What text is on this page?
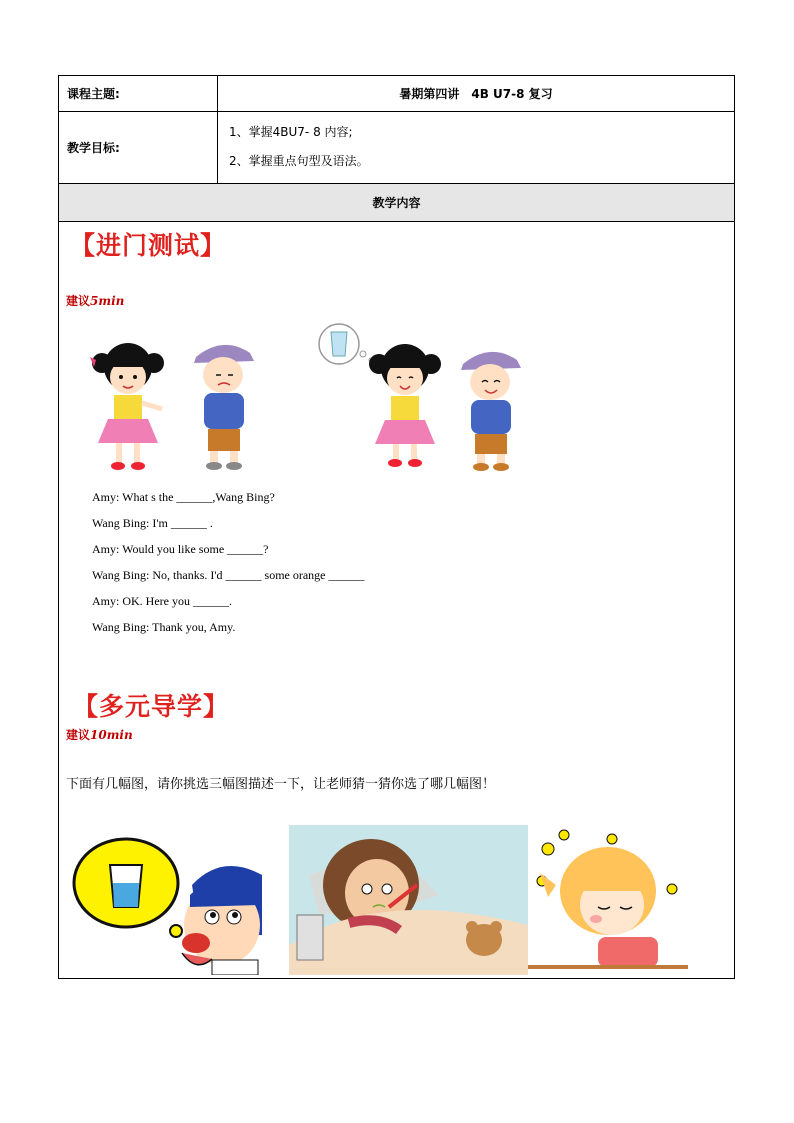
课程主题:	暑期第四讲　4B U7-8 复习
教学目标:
1、掌握4BU7- 8 内容;
2、掌握重点句型及语法。
教学内容
【进门测试】
建议5min
Amy: What s the ______,Wang Bing?
Wang Bing: I'm ______ .
Amy: Would you like some ______?
Wang Bing: No, thanks. I'd ______ some orange ______
Amy: OK. Here you ______.
Wang Bing: Thank you, Amy.
【多元导学】
建议10min
下面有几幅图，请你挑选三幅图描述一下，让老师猜一猜你选了哪几幅图！
